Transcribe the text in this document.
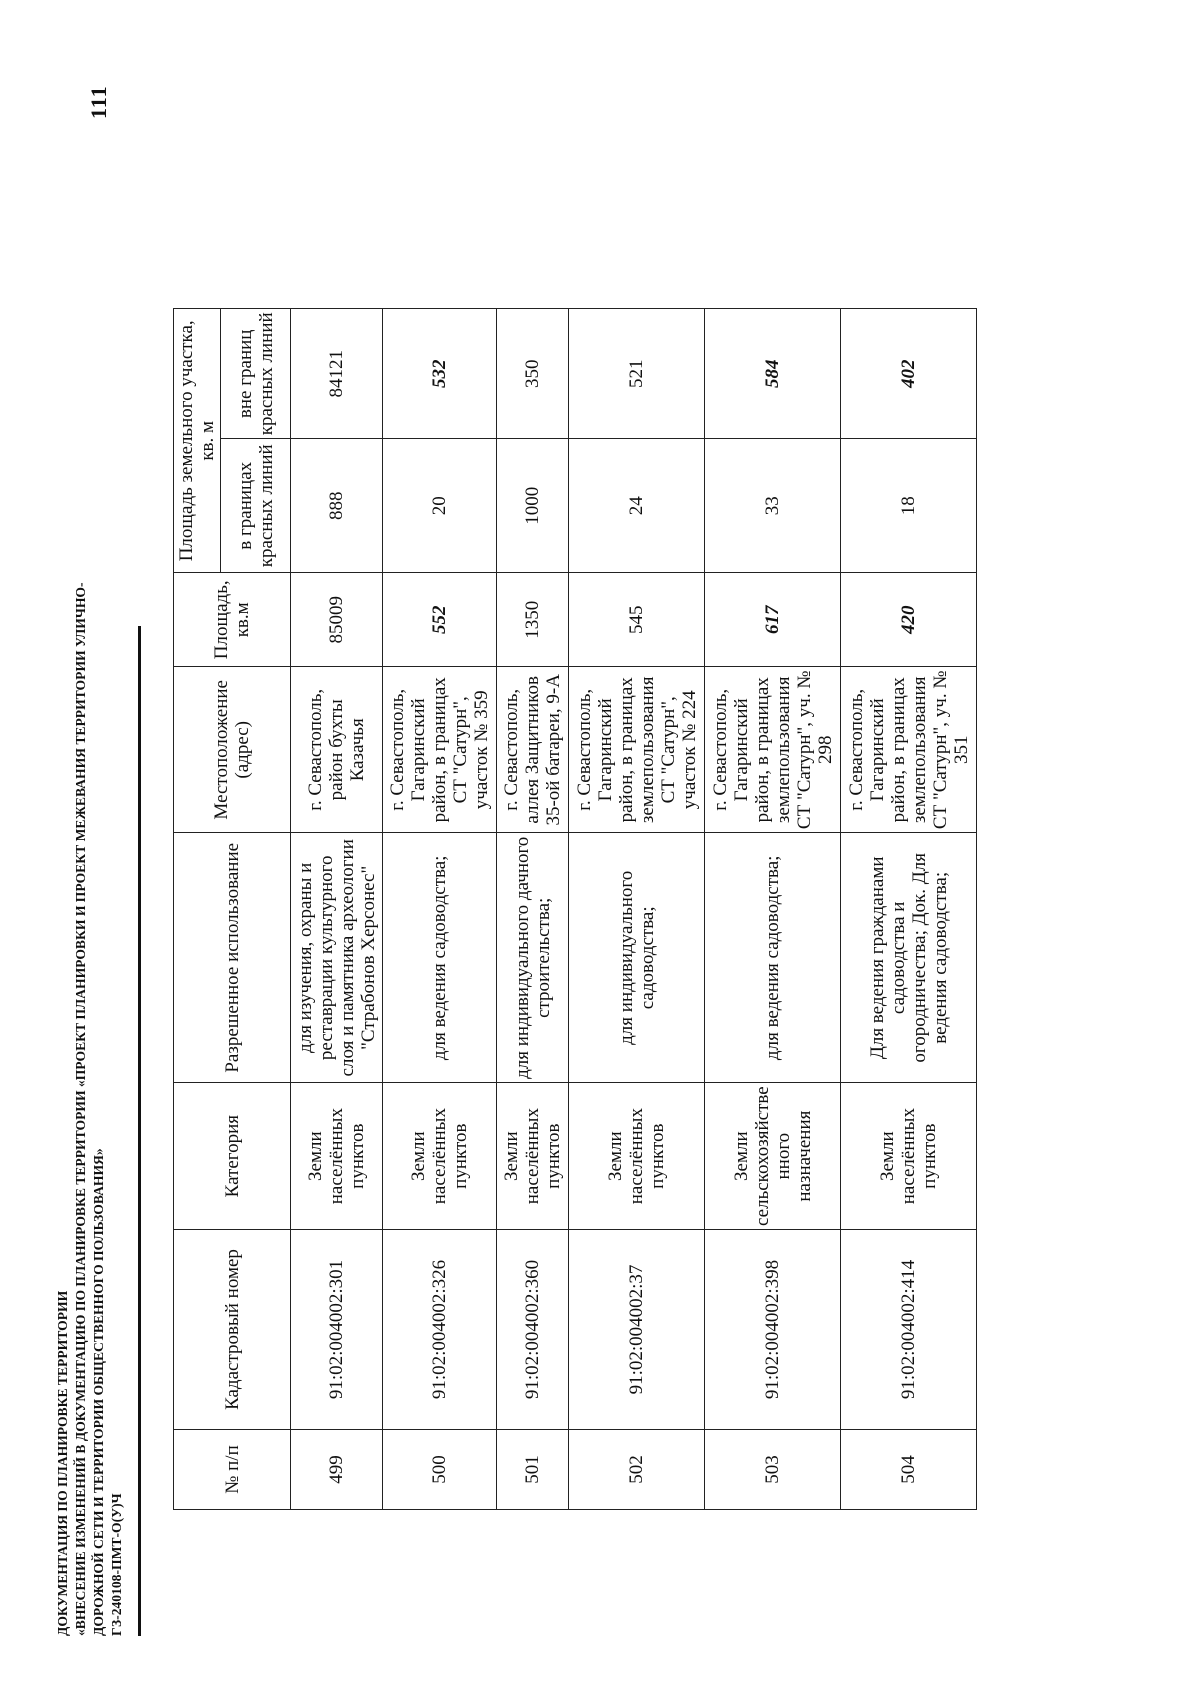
111
ДОКУМЕНТАЦИЯ ПО ПЛАНИРОВКЕ ТЕРРИТОРИИ «ВНЕСЕНИЕ ИЗМЕНЕНИЙ В ДОКУМЕНТАЦИЮ ПО ПЛАНИРОВКЕ ТЕРРИТОРИИ «ПРОЕКТ ПЛАНИРОВКИ И ПРОЕКТ МЕЖЕВАНИЯ ТЕРРИТОРИИ УЛИЧНО- ДОРОЖНОЙ СЕТИ И ТЕРРИТОРИИ ОБЩЕСТВЕННОГО ПОЛЬЗОВАНИЯ» ГЗ-240108-ПМТ-О(У)Ч
№ п/п	Кадастровый номер	Категория	Разрешенное использование	Местоположение (адрес)	Площадь, кв.м	Площадь земельного участка, кв. м	
						в границах красных линий	вне границ красных линий
499	91:02:004002:301	Земли населённых пунктов	для изучения, охраны и реставрации культурного слоя и памятника археологии "Страбонов Херсонес"	г. Севастополь, район бухты Казачья	85009	888	84121
500	91:02:004002:326	Земли населённых пунктов	для ведения садоводства;	г. Севастополь, Гагаринский район, в границах СТ "Сатурн", участок № 359	552	20	532
501	91:02:004002:360	Земли населённых пунктов	для индивидуального дачного строительства;	г. Севастополь, аллея Защитников 35-ой батареи, 9-А	1350	1000	350
502	91:02:004002:37	Земли населённых пунктов	для индивидуального садоводства;	г. Севастополь, Гагаринский район, в границах землепользования СТ "Сатурн", участок № 224	545	24	521
503	91:02:004002:398	Земли сельскохозяйстве нного назначения	для ведения садоводства;	г. Севастополь, Гагаринский район, в границах землепользования СТ "Сатурн", уч. № 298	617	33	584
504	91:02:004002:414	Земли населённых пунктов	Для ведения гражданами садоводства и огородничества; Док. Для ведения садоводства;	г. Севастополь, Гагаринский район, в границах землепользования СТ "Сатурн", уч. № 351	420	18	402
